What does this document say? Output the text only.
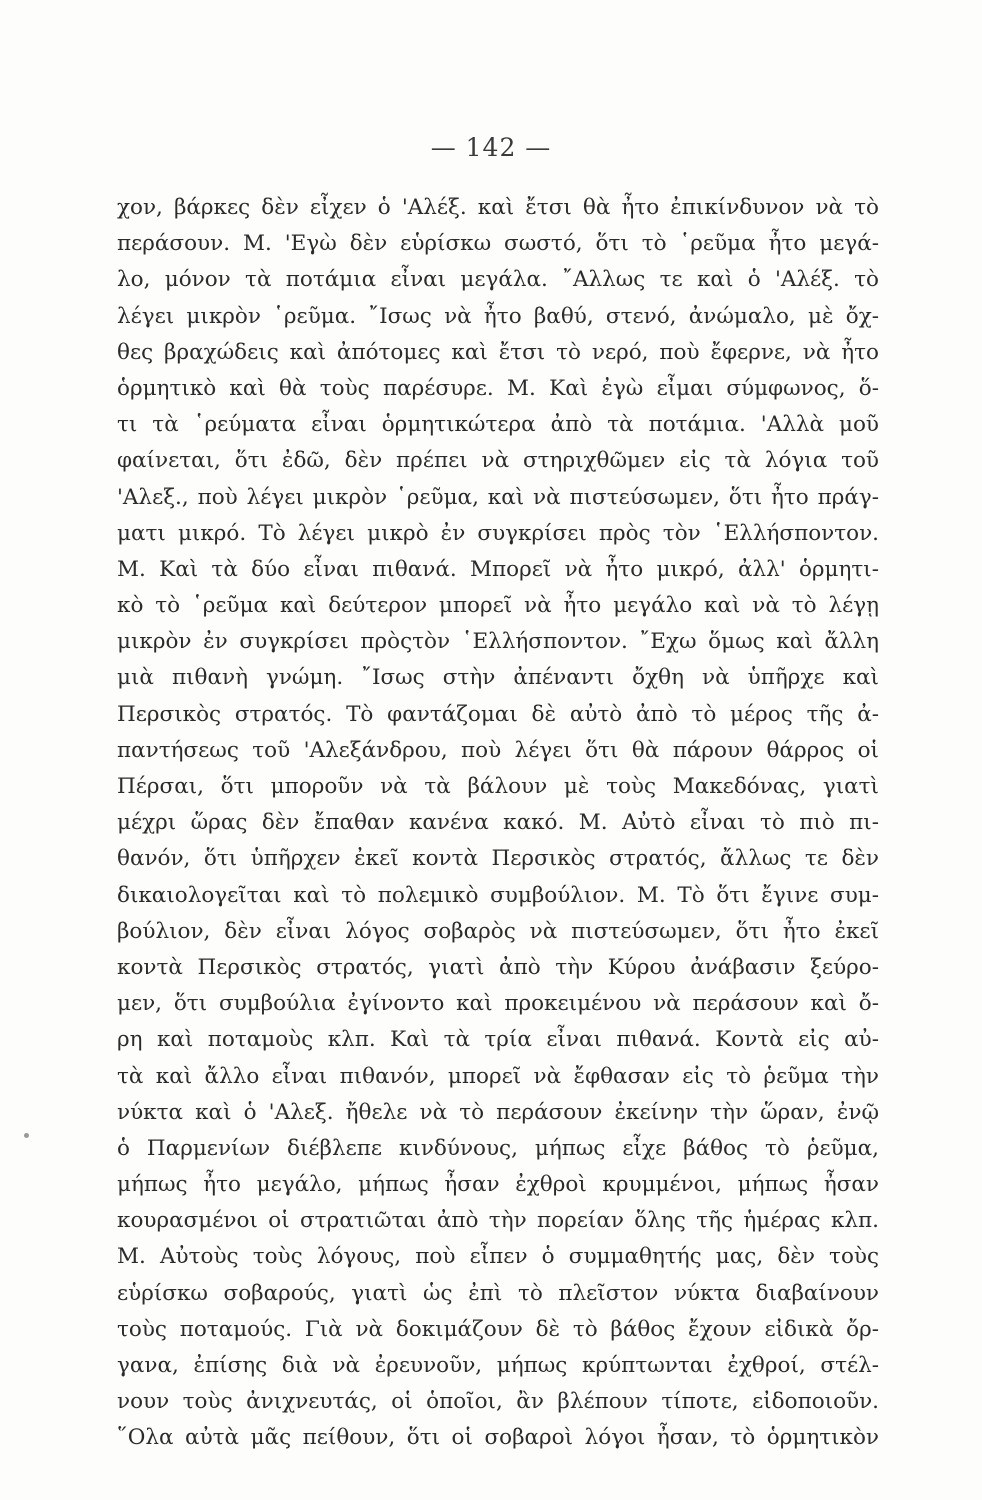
— 142 —
χον, βάρκες δὲν εἶχεν ὁ 'Αλέξ. καὶ ἔτσι θὰ ἦτο ἐπικίνδυνον νὰ τὸ
περάσουν. Μ. 'Εγὼ δὲν εὑρίσκω σωστό, ὅτι τὸ ῾ρεῦμα ἦτο μεγά-
λο, μόνον τὰ ποτάμια εἶναι μεγάλα. ῎Αλλως τε καὶ ὁ 'Αλέξ. τὸ
λέγει μικρὸν ῾ρεῦμα. ῎Ισως νὰ ἦτο βαθύ, στενό, ἀνώμαλο, μὲ ὄχ-
θες βραχώδεις καὶ ἀπότομες καὶ ἔτσι τὸ νερό, ποὺ ἔφερνε, νὰ ἦτο
ὁρμητικὸ καὶ θὰ τοὺς παρέσυρε. Μ. Καὶ ἐγὼ εἶμαι σύμφωνος, ὅ-
τι τὰ ῾ρεύματα εἶναι ὁρμητικώτερα ἀπὸ τὰ ποτάμια. 'Αλλὰ μοῦ
φαίνεται, ὅτι ἐδῶ, δὲν πρέπει νὰ στηριχθῶμεν εἰς τὰ λόγια τοῦ
'Αλεξ., ποὺ λέγει μικρὸν ῾ρεῦμα, καὶ νὰ πιστεύσωμεν, ὅτι ἦτο πράγ-
ματι μικρό. Τὸ λέγει μικρὸ ἐν συγκρίσει πρὸς τὸν ῾Ελλήσποντον.
Μ. Καὶ τὰ δύο εἶναι πιθανά. Μπορεῖ νὰ ἦτο μικρό, ἀλλ' ὁρμητι-
κὸ τὸ ῾ρεῦμα καὶ δεύτερον μπορεῖ νὰ ἦτο μεγάλο καὶ νὰ τὸ λέγῃ
μικρὸν ἐν συγκρίσει πρὸςτὸν ῾Ελλήσποντον. ῎Εχω ὅμως καὶ ἄλλη
μιὰ πιθανὴ γνώμη. ῎Ισως στὴν ἀπέναντι ὄχθη νὰ ὑπῆρχε καὶ
Περσικὸς στρατός. Τὸ φαντάζομαι δὲ αὐτὸ ἀπὸ τὸ μέρος τῆς ἀ-
παντήσεως τοῦ 'Αλεξάνδρου, ποὺ λέγει ὅτι θὰ πάρουν θάρρος οἱ
Πέρσαι, ὅτι μποροῦν νὰ τὰ βάλουν μὲ τοὺς Μακεδόνας, γιατὶ
μέχρι ὥρας δὲν ἔπαθαν κανένα κακό. Μ. Αὐτὸ εἶναι τὸ πιὸ πι-
θανόν, ὅτι ὑπῆρχεν ἐκεῖ κοντὰ Περσικὸς στρατός, ἄλλως τε δὲν
δικαιολογεῖται καὶ τὸ πολεμικὸ συμβούλιον. Μ. Τὸ ὅτι ἔγινε συμ-
βούλιον, δὲν εἶναι λόγος σοβαρὸς νὰ πιστεύσωμεν, ὅτι ἦτο ἐκεῖ
κοντὰ Περσικὸς στρατός, γιατὶ ἀπὸ τὴν Κύρου ἀνάβασιν ξεύρο-
μεν, ὅτι συμβούλια ἐγίνοντο καὶ προκειμένου νὰ περάσουν καὶ ὄ-
ρη καὶ ποταμοὺς κλπ. Καὶ τὰ τρία εἶναι πιθανά. Κοντὰ εἰς αὐ-
τὰ καὶ ἄλλο εἶναι πιθανόν, μπορεῖ νὰ ἔφθασαν εἰς τὸ ῥεῦμα τὴν
νύκτα καὶ ὁ 'Αλεξ. ἤθελε νὰ τὸ περάσουν ἐκείνην τὴν ὥραν, ἐνῷ
ὁ Παρμενίων διέβλεπε κινδύνους, μήπως εἶχε βάθος τὸ ῥεῦμα,
μήπως ἦτο μεγάλο, μήπως ἦσαν ἐχθροὶ κρυμμένοι, μήπως ἦσαν
κουρασμένοι οἱ στρατιῶται ἀπὸ τὴν πορείαν ὅλης τῆς ἡμέρας κλπ.
Μ. Αὐτοὺς τοὺς λόγους, ποὺ εἶπεν ὁ συμμαθητής μας, δὲν τοὺς
εὑρίσκω σοβαρούς, γιατὶ ὡς ἐπὶ τὸ πλεῖστον νύκτα διαβαίνουν
τοὺς ποταμούς. Γιὰ νὰ δοκιμάζουν δὲ τὸ βάθος ἔχουν εἰδικὰ ὄρ-
γανα, ἐπίσης διὰ νὰ ἐρευνοῦν, μήπως κρύπτωνται ἐχθροί, στέλ-
νουν τοὺς ἀνιχνευτάς, οἱ ὁποῖοι, ἂν βλέπουν τίποτε, εἰδοποιοῦν.
῞Ολα αὐτὰ μᾶς πείθουν, ὅτι οἱ σοβαροὶ λόγοι ἦσαν, τὸ ὁρμητικὸν
